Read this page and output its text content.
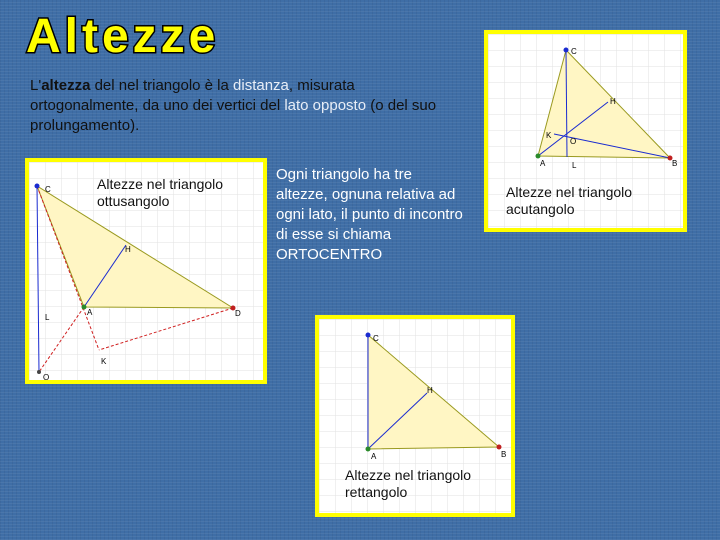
Altezze

L'altezza del nel triangolo è la distanza, misurata ortogonalmente, da uno dei vertici del lato opposto (o del suo prolungamento).

Ogni triangolo ha tre altezze, ognuna relativa ad ogni lato, il punto di incontro di esse si chiama
ORTOCENTRO

C
H
A	D
L
K
O
Altezze nel triangolo
ottusangolo
C
H
K
O
A	L	B
Altezze nel triangolo
acutangolo
C
H
A	B
Altezze nel triangolo
rettangolo
